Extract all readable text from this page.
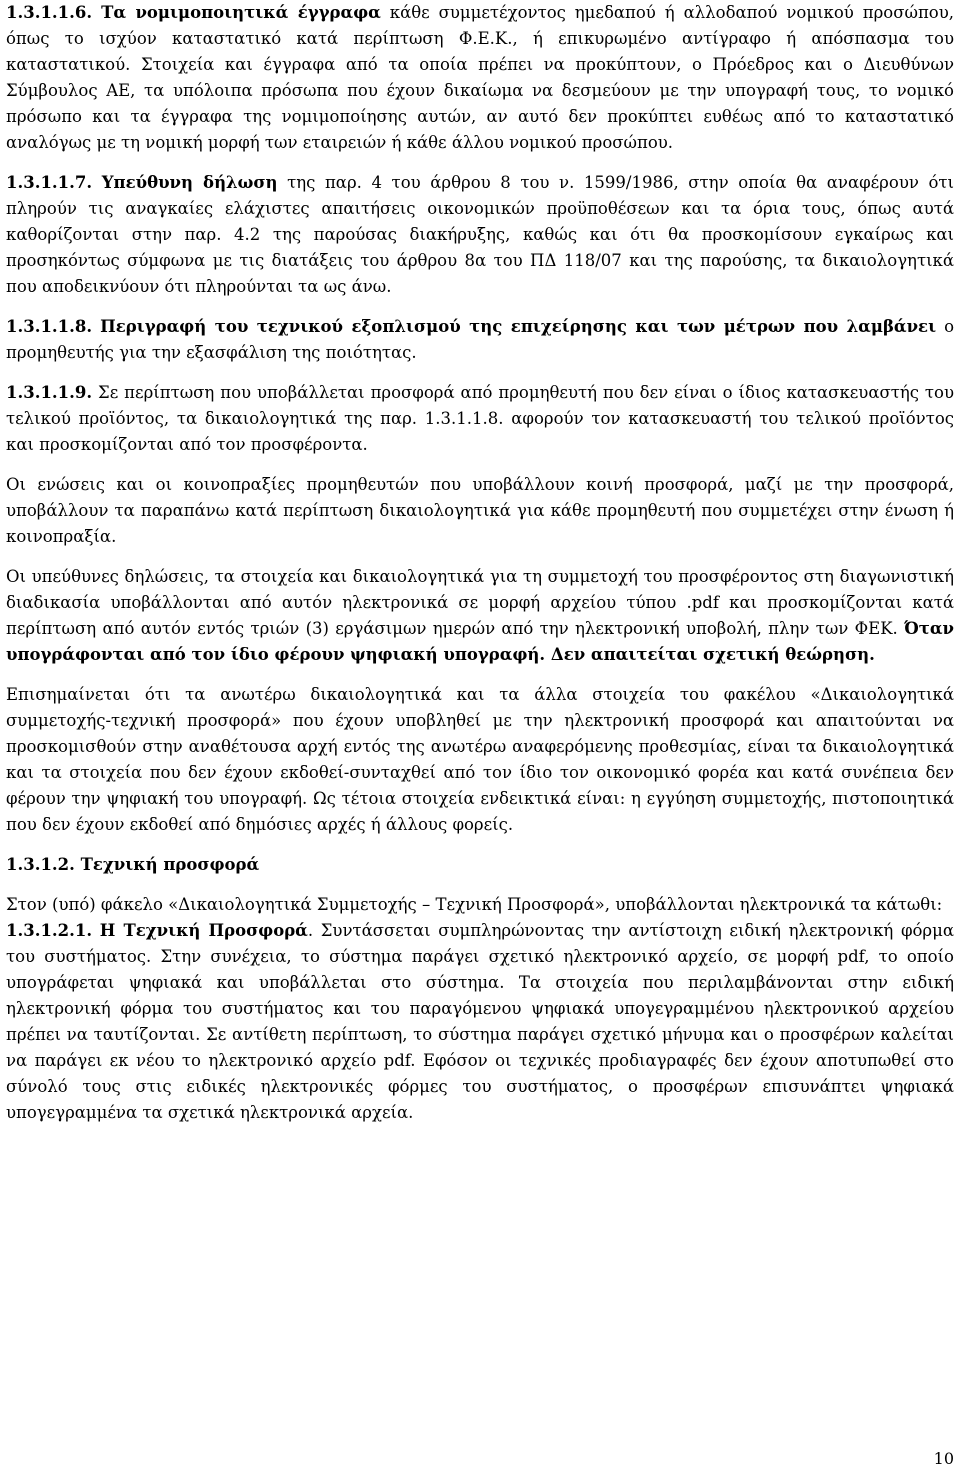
1.3.1.1.6. Τα νομιμοποιητικά έγγραφα κάθε συμμετέχοντος ημεδαπού ή αλλοδαπού νομικού προσώπου, όπως το ισχύον καταστατικό κατά περίπτωση Φ.Ε.Κ., ή επικυρωμένο αντίγραφο ή απόσπασμα του καταστατικού. Στοιχεία και έγγραφα από τα οποία πρέπει να προκύπτουν, ο Πρόεδρος και ο Διευθύνων Σύμβουλος ΑΕ, τα υπόλοιπα πρόσωπα που έχουν δικαίωμα να δεσμεύουν με την υπογραφή τους, το νομικό πρόσωπο και τα έγγραφα της νομιμοποίησης αυτών, αν αυτό δεν προκύπτει ευθέως από το καταστατικό αναλόγως με τη νομική μορφή των εταιρειών ή κάθε άλλου νομικού προσώπου.

1.3.1.1.7. Υπεύθυνη δήλωση της παρ. 4 του άρθρου 8 του ν. 1599/1986, στην οποία θα αναφέρουν ότι πληρούν τις αναγκαίες ελάχιστες απαιτήσεις οικονομικών προϋποθέσεων και τα όρια τους, όπως αυτά καθορίζονται στην παρ. 4.2 της παρούσας διακήρυξης, καθώς και ότι θα προσκομίσουν εγκαίρως και προσηκόντως σύμφωνα με τις διατάξεις του άρθρου 8α του ΠΔ 118/07 και της παρούσης, τα δικαιολογητικά που αποδεικνύουν ότι πληρούνται τα ως άνω.

1.3.1.1.8. Περιγραφή του τεχνικού εξοπλισμού της επιχείρησης και των μέτρων που λαμβάνει ο προμηθευτής για την εξασφάλιση της ποιότητας.

1.3.1.1.9. Σε περίπτωση που υποβάλλεται προσφορά από προμηθευτή που δεν είναι ο ίδιος κατασκευαστής του τελικού προϊόντος, τα δικαιολογητικά της παρ. 1.3.1.1.8. αφορούν τον κατασκευαστή του τελικού προϊόντος και προσκομίζονται από τον προσφέροντα.

Οι ενώσεις και οι κοινοπραξίες προμηθευτών που υποβάλλουν κοινή προσφορά, μαζί με την προσφορά, υποβάλλουν τα παραπάνω κατά περίπτωση δικαιολογητικά για κάθε προμηθευτή που συμμετέχει στην ένωση ή κοινοπραξία.

Οι υπεύθυνες δηλώσεις, τα στοιχεία και δικαιολογητικά για τη συμμετοχή του προσφέροντος στη διαγωνιστική διαδικασία υποβάλλονται από αυτόν ηλεκτρονικά σε μορφή αρχείου τύπου .pdf και προσκομίζονται κατά περίπτωση από αυτόν εντός τριών (3) εργάσιμων ημερών από την ηλεκτρονική υποβολή, πλην των ΦΕΚ. Όταν υπογράφονται από τον ίδιο φέρουν ψηφιακή υπογραφή. Δεν απαιτείται σχετική θεώρηση.

Επισημαίνεται ότι τα ανωτέρω δικαιολογητικά και τα άλλα στοιχεία του φακέλου «Δικαιολογητικά συμμετοχής-τεχνική προσφορά» που έχουν υποβληθεί με την ηλεκτρονική προσφορά και απαιτούνται να προσκομισθούν στην αναθέτουσα αρχή εντός της ανωτέρω αναφερόμενης προθεσμίας, είναι τα δικαιολογητικά και τα στοιχεία που δεν έχουν εκδοθεί-συνταχθεί από τον ίδιο τον οικονομικό φορέα και κατά συνέπεια δεν φέρουν την ψηφιακή του υπογραφή. Ως τέτοια στοιχεία ενδεικτικά είναι: η εγγύηση συμμετοχής, πιστοποιητικά που δεν έχουν εκδοθεί από δημόσιες αρχές ή άλλους φορείς.

1.3.1.2. Τεχνική προσφορά

Στον (υπό) φάκελο «Δικαιολογητικά Συμμετοχής – Τεχνική Προσφορά», υποβάλλονται ηλεκτρονικά τα κάτωθι:

1.3.1.2.1. Η Τεχνική Προσφορά. Συντάσσεται συμπληρώνοντας την αντίστοιχη ειδική ηλεκτρονική φόρμα του συστήματος. Στην συνέχεια, το σύστημα παράγει σχετικό ηλεκτρονικό αρχείο, σε μορφή pdf, το οποίο υπογράφεται ψηφιακά και υποβάλλεται στο σύστημα. Τα στοιχεία που περιλαμβάνονται στην ειδική ηλεκτρονική φόρμα του συστήματος και του παραγόμενου ψηφιακά υπογεγραμμένου ηλεκτρονικού αρχείου πρέπει να ταυτίζονται. Σε αντίθετη περίπτωση, το σύστημα παράγει σχετικό μήνυμα και ο προσφέρων καλείται να παράγει εκ νέου το ηλεκτρονικό αρχείο pdf. Εφόσον οι τεχνικές προδιαγραφές δεν έχουν αποτυπωθεί στο σύνολό τους στις ειδικές ηλεκτρονικές φόρμες του συστήματος, ο προσφέρων επισυνάπτει ψηφιακά υπογεγραμμένα τα σχετικά ηλεκτρονικά αρχεία.

10
